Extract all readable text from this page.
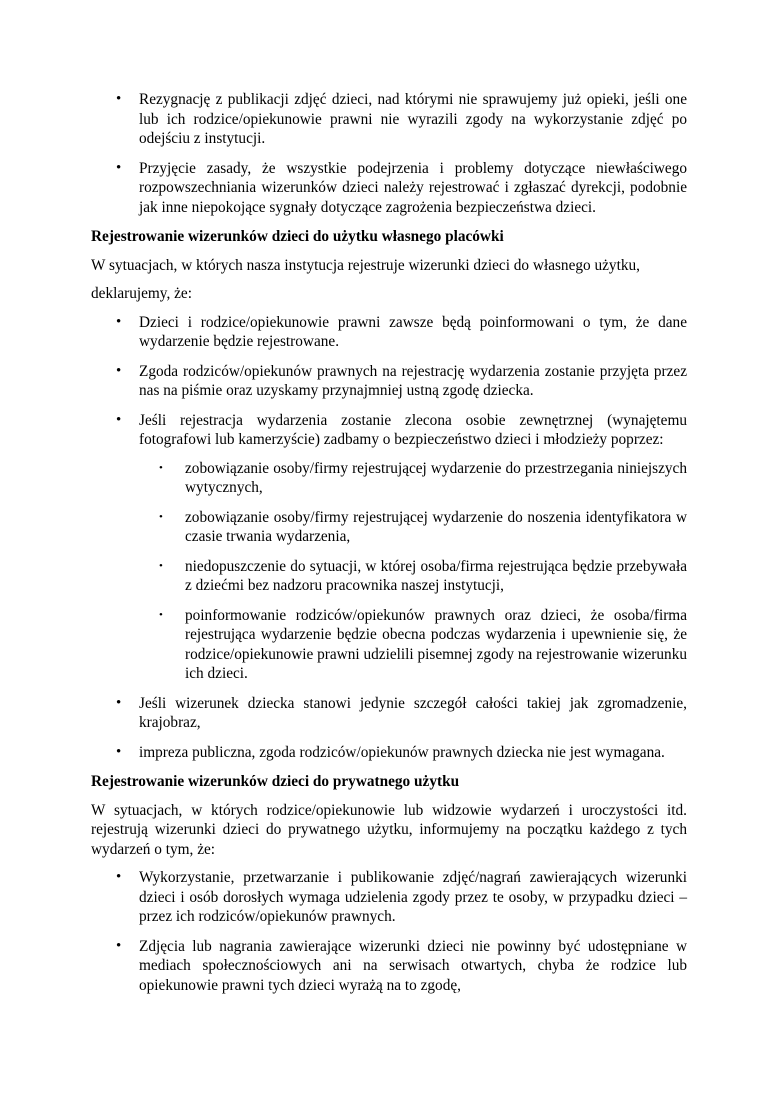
• Rezygnację z publikacji zdjęć dzieci, nad którymi nie sprawujemy już opieki, jeśli one lub ich rodzice/opiekunowie prawni nie wyrazili zgody na wykorzystanie zdjęć po odejściu z instytucji.
• Przyjęcie zasady, że wszystkie podejrzenia i problemy dotyczące niewłaściwego rozpowszechniania wizerunków dzieci należy rejestrować i zgłaszać dyrekcji, podobnie jak inne niepokojące sygnały dotyczące zagrożenia bezpieczeństwa dzieci.

Rejestrowanie wizerunków dzieci do użytku własnego placówki

W sytuacjach, w których nasza instytucja rejestruje wizerunki dzieci do własnego użytku,

deklarujemy, że:

• Dzieci i rodzice/opiekunowie prawni zawsze będą poinformowani o tym, że dane wydarzenie będzie rejestrowane.
• Zgoda rodziców/opiekunów prawnych na rejestrację wydarzenia zostanie przyjęta przez nas na piśmie oraz uzyskamy przynajmniej ustną zgodę dziecka.
• Jeśli rejestracja wydarzenia zostanie zlecona osobie zewnętrznej (wynajętemu fotografowi lub kamerzyście) zadbamy o bezpieczeństwo dzieci i młodzieży poprzez:
• zobowiązanie osoby/firmy rejestrującej wydarzenie do przestrzegania niniejszych wytycznych,
• zobowiązanie osoby/firmy rejestrującej wydarzenie do noszenia identyfikatora w czasie trwania wydarzenia,
• niedopuszczenie do sytuacji, w której osoba/firma rejestrująca będzie przebywała z dziećmi bez nadzoru pracownika naszej instytucji,
• poinformowanie rodziców/opiekunów prawnych oraz dzieci, że osoba/firma rejestrująca wydarzenie będzie obecna podczas wydarzenia i upewnienie się, że rodzice/opiekunowie prawni udzielili pisemnej zgody na rejestrowanie wizerunku ich dzieci.
• Jeśli wizerunek dziecka stanowi jedynie szczegół całości takiej jak zgromadzenie, krajobraz,
• impreza publiczna, zgoda rodziców/opiekunów prawnych dziecka nie jest wymagana.

Rejestrowanie wizerunków dzieci do prywatnego użytku

W sytuacjach, w których rodzice/opiekunowie lub widzowie wydarzeń i uroczystości itd. rejestrują wizerunki dzieci do prywatnego użytku, informujemy na początku każdego z tych wydarzeń o tym, że:

• Wykorzystanie, przetwarzanie i publikowanie zdjęć/nagrań zawierających wizerunki dzieci i osób dorosłych wymaga udzielenia zgody przez te osoby, w przypadku dzieci – przez ich rodziców/opiekunów prawnych.
• Zdjęcia lub nagrania zawierające wizerunki dzieci nie powinny być udostępniane w mediach społecznościowych ani na serwisach otwartych, chyba że rodzice lub opiekunowie prawni tych dzieci wyrażą na to zgodę,
